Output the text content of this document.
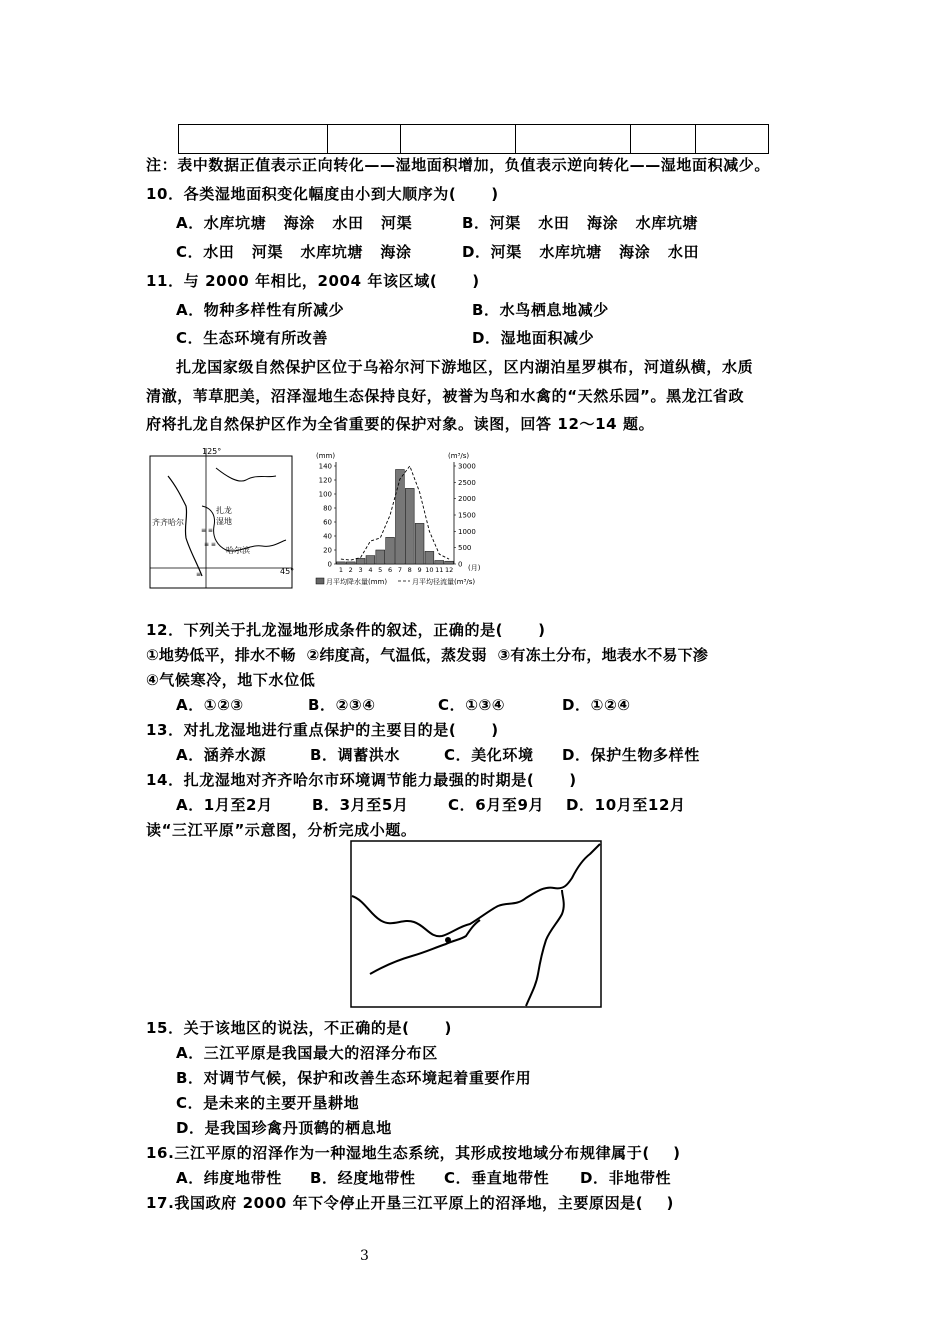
注：表中数据正值表示正向转化——湿地面积增加，负值表示逆向转化——湿地面积减少。
10．各类湿地面积变化幅度由小到大顺序为(      )
A．水库坑塘   海涂   水田   河渠	B．河渠   水田   海涂   水库坑塘
C．水田   河渠   水库坑塘   海涂	D．河渠   水库坑塘   海涂   水田
11．与 2000 年相比，2004 年该区域(      )
A．物种多样性有所减少	B．水鸟栖息地减少
C．生态环境有所改善	D．湿地面积减少
扎龙国家级自然保护区位于乌裕尔河下游地区，区内湖泊星罗棋布，河道纵横，水质
清澈，苇草肥美，沼泽湿地生态保持良好，被誉为鸟和水禽的“天然乐园”。黑龙江省政
府将扎龙自然保护区作为全省重要的保护对象。读图，回答 12～14 题。
125°
45°
齐齐哈尔
扎龙
湿地
哈尔滨
≡ ≡
≡ ≡
≡
(mm)	(m³/s)
0
20
40
60
80
100
120
140
0
500
1000
1500
2000
2500
3000
1 2 3 4 5 6 7 8 9 10 11 12 (月)
月平均降水量(mm)	月平均径流量(m³/s)
12．下列关于扎龙湿地形成条件的叙述，正确的是(      )
①地势低平，排水不畅  ②纬度高，气温低，蒸发弱  ③有冻土分布，地表水不易下渗
④气候寒冷，地下水位低
A．①②③	B．②③④	C．①③④	D．①②④
13．对扎龙湿地进行重点保护的主要目的是(      )
A．涵养水源	B．调蓄洪水	C．美化环境 D．保护生物多样性
14．扎龙湿地对齐齐哈尔市环境调节能力最强的时期是(      )
A．1月至2月	B．3月至5月	C．6月至9月 D．10月至12月
读“三江平原”示意图，分析完成小题。
15．关于该地区的说法，不正确的是(      )
A．三江平原是我国最大的沼泽分布区
B．对调节气候，保护和改善生态环境起着重要作用
C．是未来的主要开垦耕地
D．是我国珍禽丹顶鹤的栖息地
16.三江平原的沼泽作为一种湿地生态系统，其形成按地域分布规律属于(    )
A．纬度地带性 B．经度地带性 C．垂直地带性 D．非地带性
17.我国政府 2000 年下令停止开垦三江平原上的沼泽地，主要原因是(    )
3
